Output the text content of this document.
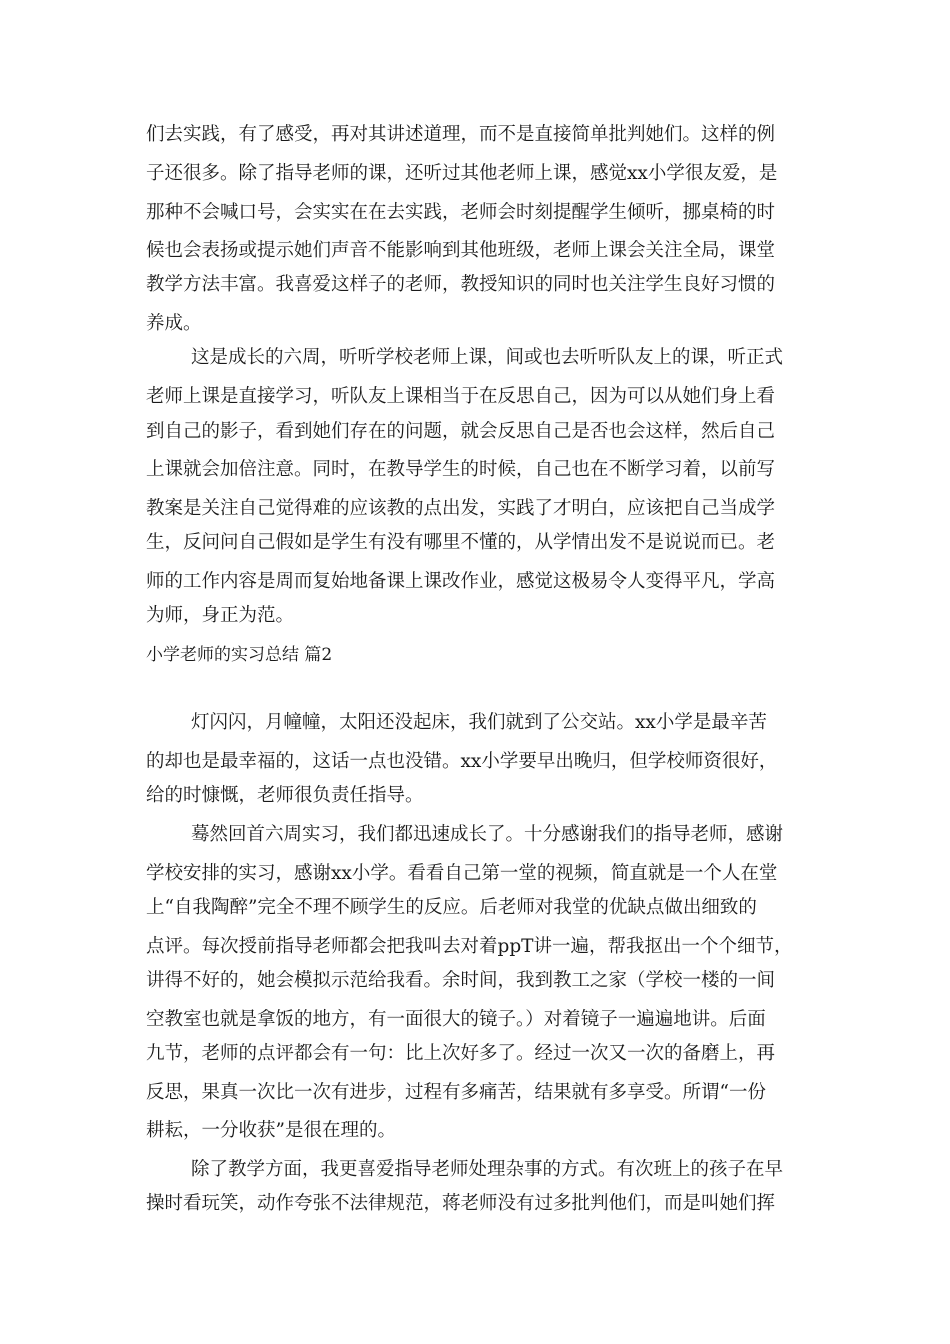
们去实践，有了感受，再对其讲述道理，而不是直接简单批判她们。这样的例
子还很多。除了指导老师的课，还听过其他老师上课，感觉xx小学很友爱，是
那种不会喊口号，会实实在在去实践，老师会时刻提醒学生倾听，挪桌椅的时
候也会表扬或提示她们声音不能影响到其他班级，老师上课会关注全局，课堂
教学方法丰富。我喜爱这样子的老师，教授知识的同时也关注学生良好习惯的
养成。
这是成长的六周，听听学校老师上课，间或也去听听队友上的课，听正式
老师上课是直接学习，听队友上课相当于在反思自己，因为可以从她们身上看
到自己的影子，看到她们存在的问题，就会反思自己是否也会这样，然后自己
上课就会加倍注意。同时，在教导学生的时候，自己也在不断学习着，以前写
教案是关注自己觉得难的应该教的点出发，实践了才明白，应该把自己当成学
生，反问问自己假如是学生有没有哪里不懂的，从学情出发不是说说而已。老
师的工作内容是周而复始地备课上课改作业，感觉这极易令人变得平凡，学高
为师，身正为范。
小学老师的实习总结 篇2
灯闪闪，月幢幢，太阳还没起床，我们就到了公交站。xx小学是最辛苦
的却也是最幸福的，这话一点也没错。xx小学要早出晚归，但学校师资很好，
给的时慷慨，老师很负责任指导。
蓦然回首六周实习，我们都迅速成长了。十分感谢我们的指导老师，感谢
学校安排的实习，感谢xx小学。看看自己第一堂的视频，简直就是一个人在堂
上“自我陶醉”完全不理不顾学生的反应。后老师对我堂的优缺点做出细致的
点评。每次授前指导老师都会把我叫去对着ppT讲一遍，帮我抠出一个个细节，
讲得不好的，她会模拟示范给我看。余时间，我到教工之家（学校一楼的一间
空教室也就是拿饭的地方，有一面很大的镜子。）对着镜子一遍遍地讲。后面
九节，老师的点评都会有一句：比上次好多了。经过一次又一次的备磨上，再
反思，果真一次比一次有进步，过程有多痛苦，结果就有多享受。所谓“一份
耕耘，一分收获”是很在理的。
除了教学方面，我更喜爱指导老师处理杂事的方式。有次班上的孩子在早
操时看玩笑，动作夸张不法律规范，蒋老师没有过多批判他们，而是叫她们挥
